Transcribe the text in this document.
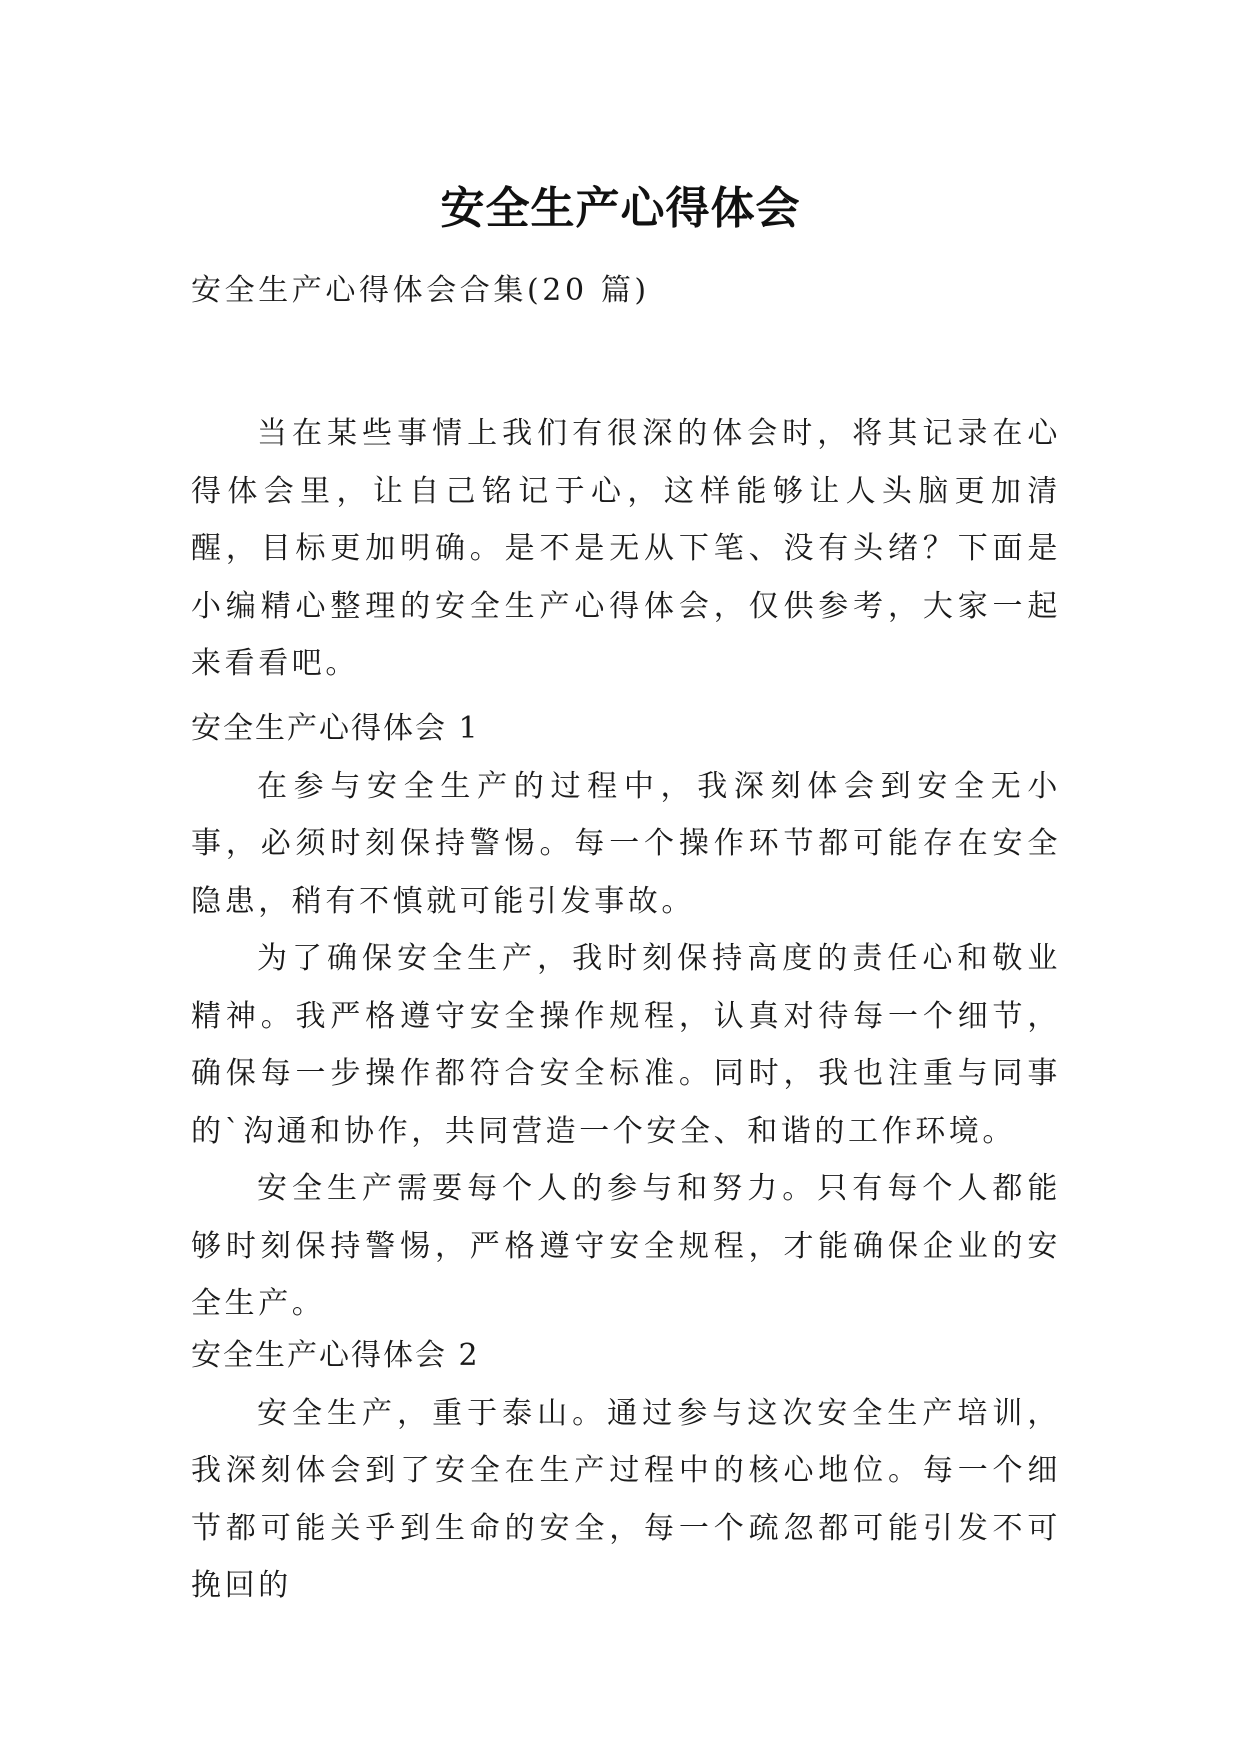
安全生产心得体会

安全生产心得体会合集(20 篇)

当在某些事情上我们有很深的体会时，将其记录在心得体会里，让自己铭记于心，这样能够让人头脑更加清醒，目标更加明确。是不是无从下笔、没有头绪？下面是小编精心整理的安全生产心得体会，仅供参考，大家一起来看看吧。

安全生产心得体会 1

在参与安全生产的过程中，我深刻体会到安全无小事，必须时刻保持警惕。每一个操作环节都可能存在安全隐患，稍有不慎就可能引发事故。

为了确保安全生产，我时刻保持高度的责任心和敬业精神。我严格遵守安全操作规程，认真对待每一个细节，确保每一步操作都符合安全标准。同时，我也注重与同事的`沟通和协作，共同营造一个安全、和谐的工作环境。

安全生产需要每个人的参与和努力。只有每个人都能够时刻保持警惕，严格遵守安全规程，才能确保企业的安全生产。

安全生产心得体会 2

安全生产，重于泰山。通过参与这次安全生产培训，我深刻体会到了安全在生产过程中的核心地位。每一个细节都可能关乎到生命的安全，每一个疏忽都可能引发不可挽回的
